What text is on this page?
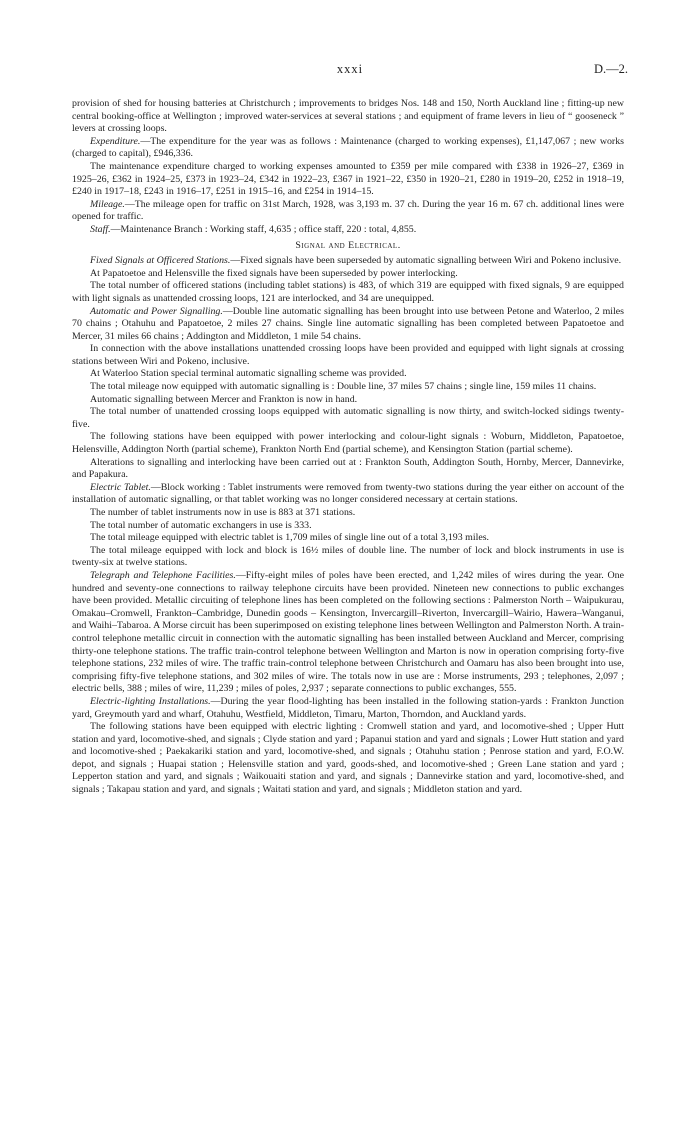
xxxi	D.—2.

provision of shed for housing batteries at Christchurch ; improvements to bridges Nos. 148 and 150, North Auckland line ; fitting-up new central booking-office at Wellington ; improved water-services at several stations ; and equipment of frame levers in lieu of “ gooseneck ” levers at crossing loops.

Expenditure.—The expenditure for the year was as follows : Maintenance (charged to working expenses), £1,147,067 ; new works (charged to capital), £946,336.

The maintenance expenditure charged to working expenses amounted to £359 per mile compared with £338 in 1926–27, £369 in 1925–26, £362 in 1924–25, £373 in 1923–24, £342 in 1922–23, £367 in 1921–22, £350 in 1920–21, £280 in 1919–20, £252 in 1918–19, £240 in 1917–18, £243 in 1916–17, £251 in 1915–16, and £254 in 1914–15.

Mileage.—The mileage open for traffic on 31st March, 1928, was 3,193 m. 37 ch. During the year 16 m. 67 ch. additional lines were opened for traffic.

Staff.—Maintenance Branch : Working staff, 4,635 ; office staff, 220 : total, 4,855.

Signal and Electrical.

Fixed Signals at Officered Stations.—Fixed signals have been superseded by automatic signalling between Wiri and Pokeno inclusive.

At Papatoetoe and Helensville the fixed signals have been superseded by power interlocking.

The total number of officered stations (including tablet stations) is 483, of which 319 are equipped with fixed signals, 9 are equipped with light signals as unattended crossing loops, 121 are interlocked, and 34 are unequipped.

Automatic and Power Signalling.—Double line automatic signalling has been brought into use between Petone and Waterloo, 2 miles 70 chains ; Otahuhu and Papatoetoe, 2 miles 27 chains. Single line automatic signalling has been completed between Papatoetoe and Mercer, 31 miles 66 chains ; Addington and Middleton, 1 mile 54 chains.

In connection with the above installations unattended crossing loops have been provided and equipped with light signals at crossing stations between Wiri and Pokeno, inclusive.

At Waterloo Station special terminal automatic signalling scheme was provided.

The total mileage now equipped with automatic signalling is : Double line, 37 miles 57 chains ; single line, 159 miles 11 chains.

Automatic signalling between Mercer and Frankton is now in hand.

The total number of unattended crossing loops equipped with automatic signalling is now thirty, and switch-locked sidings twenty-five.

The following stations have been equipped with power interlocking and colour-light signals : Woburn, Middleton, Papatoetoe, Helensville, Addington North (partial scheme), Frankton North End (partial scheme), and Kensington Station (partial scheme).

Alterations to signalling and interlocking have been carried out at : Frankton South, Addington South, Hornby, Mercer, Dannevirke, and Papakura.

Electric Tablet.—Block working : Tablet instruments were removed from twenty-two stations during the year either on account of the installation of automatic signalling, or that tablet working was no longer considered necessary at certain stations.

The number of tablet instruments now in use is 883 at 371 stations.

The total number of automatic exchangers in use is 333.

The total mileage equipped with electric tablet is 1,709 miles of single line out of a total 3,193 miles.

The total mileage equipped with lock and block is 16½ miles of double line. The number of lock and block instruments in use is twenty-six at twelve stations.

Telegraph and Telephone Facilities.—Fifty-eight miles of poles have been erected, and 1,242 miles of wires during the year. One hundred and seventy-one connections to railway telephone circuits have been provided. Nineteen new connections to public exchanges have been provided. Metallic circuiting of telephone lines has been completed on the following sections : Palmerston North – Waipukurau, Omakau–Cromwell, Frankton–Cambridge, Dunedin goods – Kensington, Invercargill–Riverton, Invercargill–Wairio, Hawera–Wanganui, and Waihi–Tabaroa. A Morse circuit has been superimposed on existing telephone lines between Wellington and Palmerston North. A train-control telephone metallic circuit in connection with the automatic signalling has been installed between Auckland and Mercer, comprising thirty-one telephone stations. The traffic train-control telephone between Wellington and Marton is now in operation comprising forty-five telephone stations, 232 miles of wire. The traffic train-control telephone between Christchurch and Oamaru has also been brought into use, comprising fifty-five telephone stations, and 302 miles of wire. The totals now in use are : Morse instruments, 293 ; telephones, 2,097 ; electric bells, 388 ; miles of wire, 11,239 ; miles of poles, 2,937 ; separate connections to public exchanges, 555.

Electric-lighting Installations.—During the year flood-lighting has been installed in the following station-yards : Frankton Junction yard, Greymouth yard and wharf, Otahuhu, Westfield, Middleton, Timaru, Marton, Thorndon, and Auckland yards.

The following stations have been equipped with electric lighting : Cromwell station and yard, and locomotive-shed ; Upper Hutt station and yard, locomotive-shed, and signals ; Clyde station and yard ; Papanui station and yard and signals ; Lower Hutt station and yard and locomotive-shed ; Paekakariki station and yard, locomotive-shed, and signals ; Otahuhu station ; Penrose station and yard, F.O.W. depot, and signals ; Huapai station ; Helensville station and yard, goods-shed, and locomotive-shed ; Green Lane station and yard ; Lepperton station and yard, and signals ; Waikouaiti station and yard, and signals ; Dannevirke station and yard, locomotive-shed, and signals ; Takapau station and yard, and signals ; Waitati station and yard, and signals ; Middleton station and yard.
